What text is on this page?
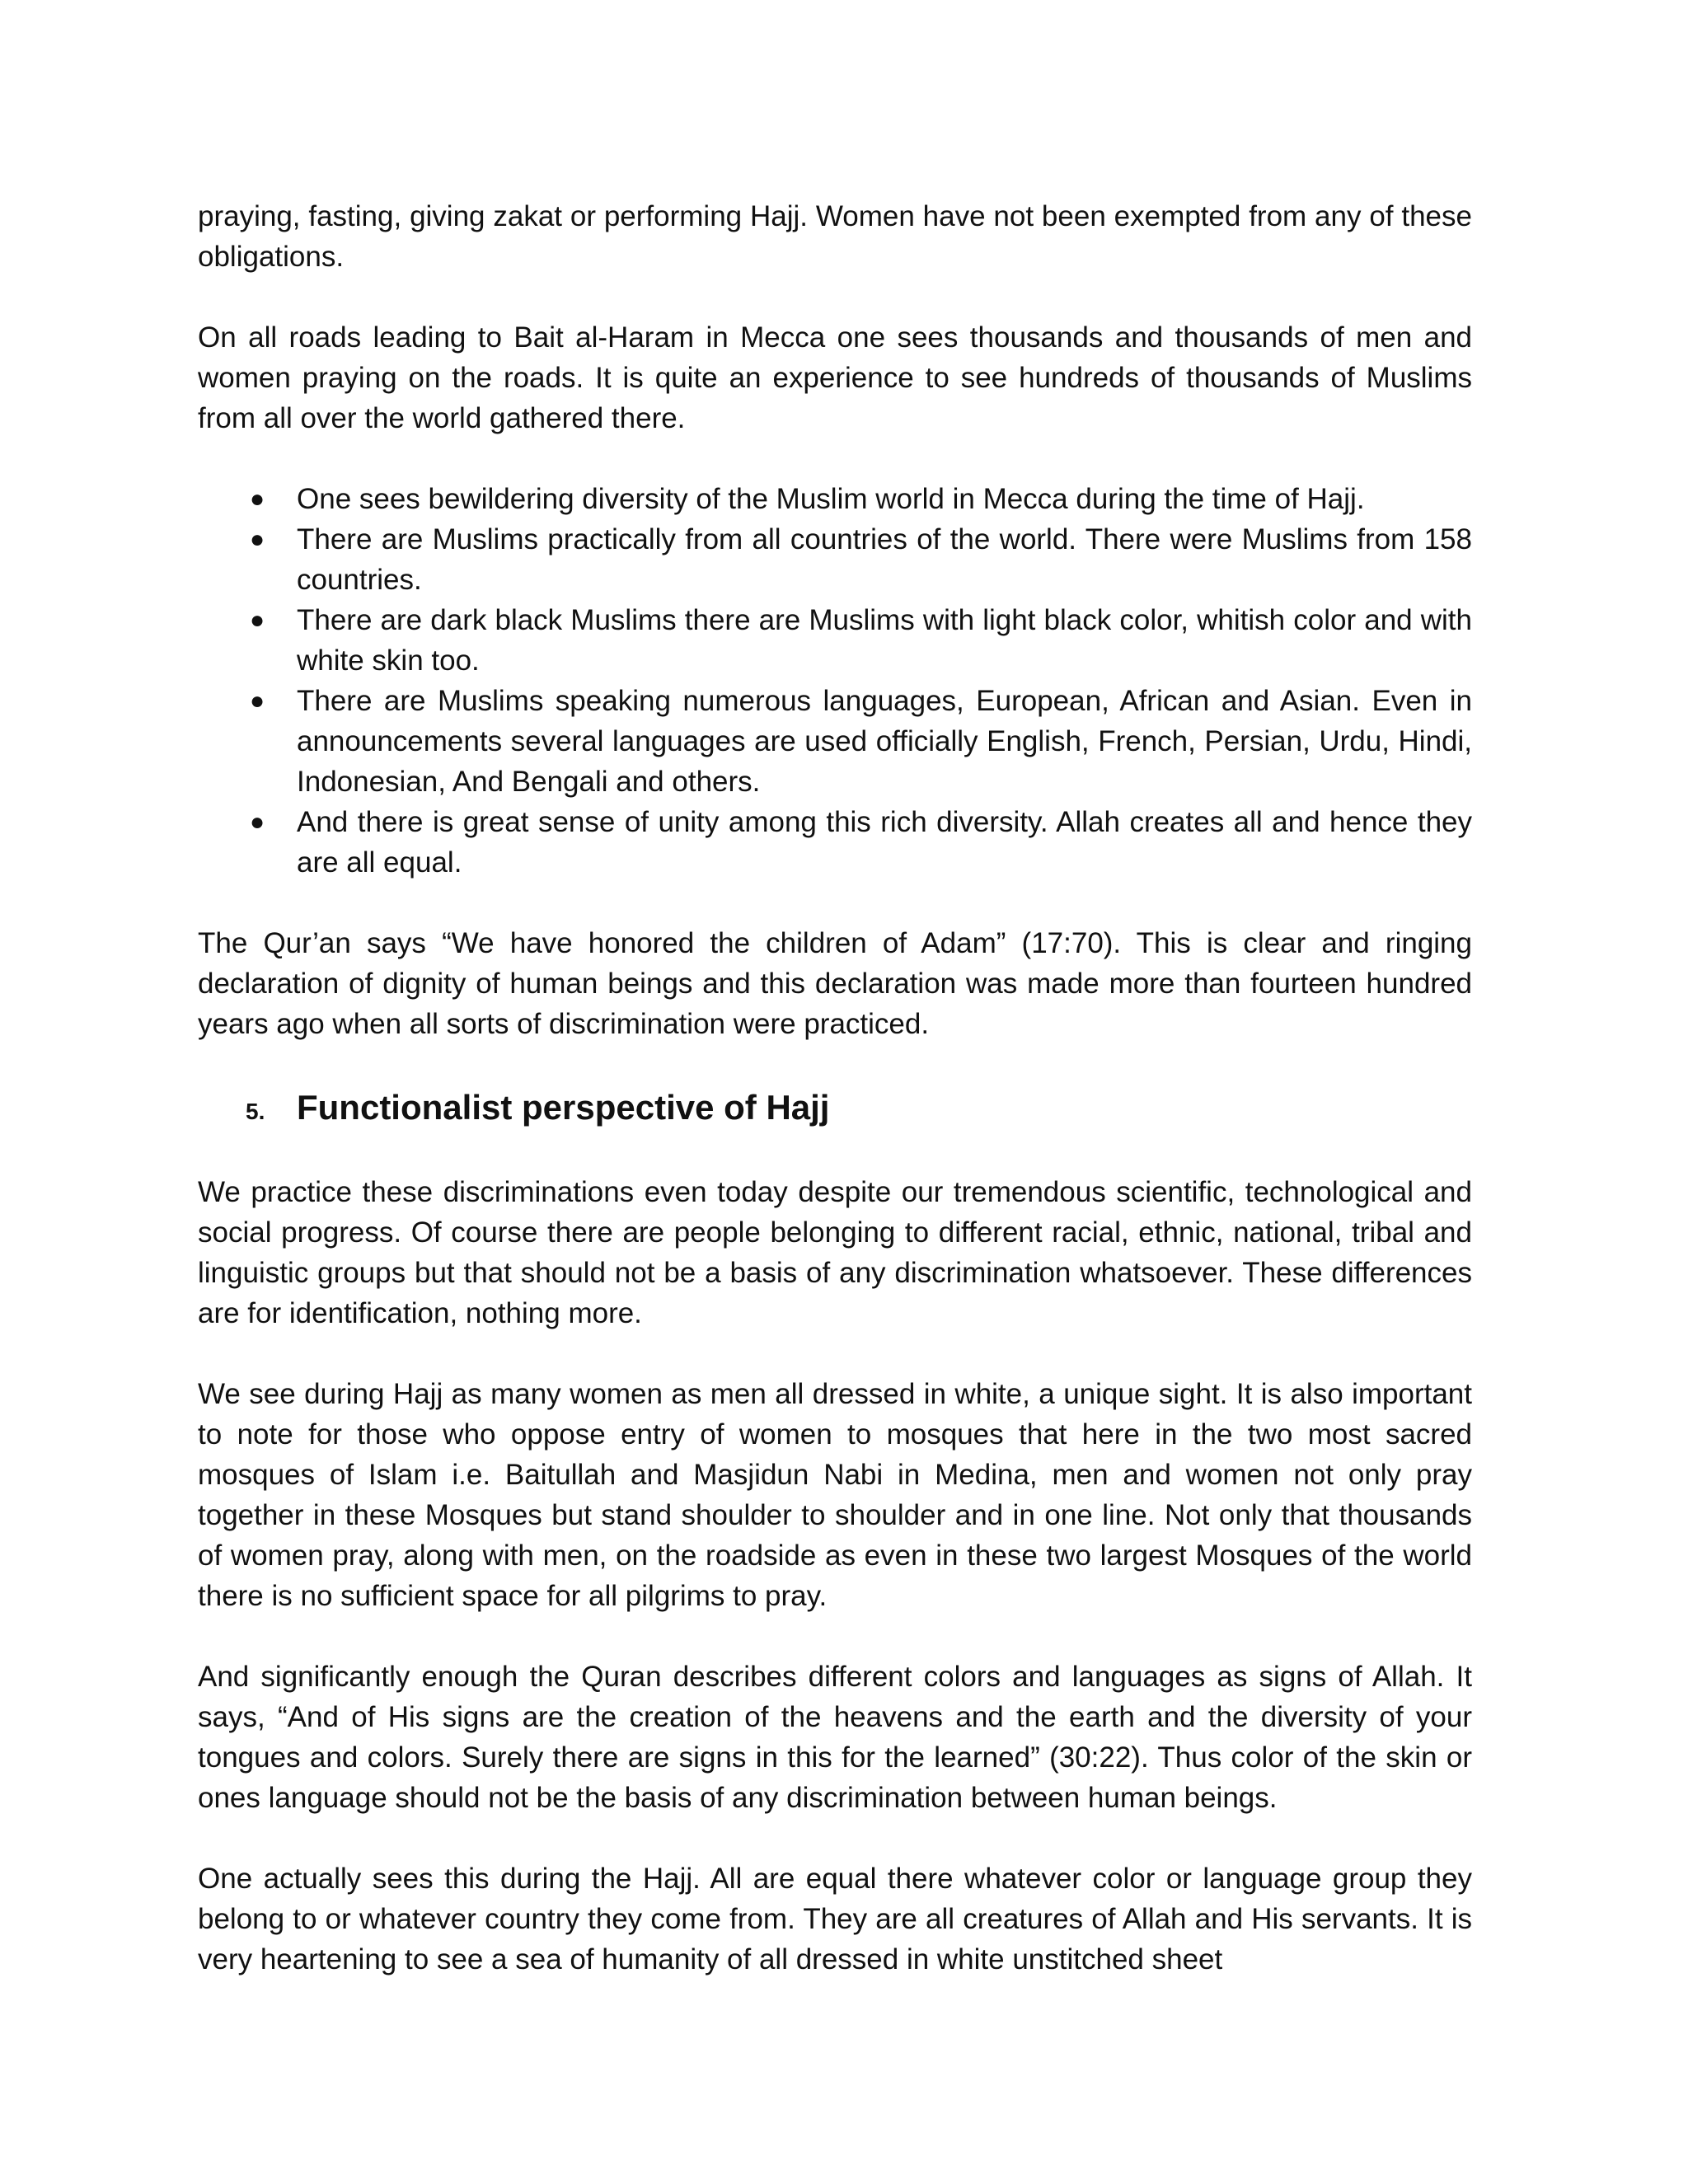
praying, fasting, giving zakat or performing Hajj. Women have not been exempted from any of these obligations.

On all roads leading to Bait al-Haram in Mecca one sees thousands and thousands of men and women praying on the roads. It is quite an experience to see hundreds of thousands of Muslims from all over the world gathered there.

● One sees bewildering diversity of the Muslim world in Mecca during the time of Hajj.
● There are Muslims practically from all countries of the world. There were Muslims from 158 countries.
● There are dark black Muslims there are Muslims with light black color, whitish color and with white skin too.
● There are Muslims speaking numerous languages, European, African and Asian. Even in announcements several languages are used officially English, French, Persian, Urdu, Hindi, Indonesian, And Bengali and others.
● And there is great sense of unity among this rich diversity. Allah creates all and hence they are all equal.

The Qur’an says “We have honored the children of Adam” (17:70). This is clear and ringing declaration of dignity of human beings and this declaration was made more than fourteen hundred years ago when all sorts of discrimination were practiced.

5. Functionalist perspective of Hajj

We practice these discriminations even today despite our tremendous scientific, technological and social progress. Of course there are people belonging to different racial, ethnic, national, tribal and linguistic groups but that should not be a basis of any discrimination whatsoever. These differences are for identification, nothing more.

We see during Hajj as many women as men all dressed in white, a unique sight. It is also important to note for those who oppose entry of women to mosques that here in the two most sacred mosques of Islam i.e. Baitullah and Masjidun Nabi in Medina, men and women not only pray together in these Mosques but stand shoulder to shoulder and in one line. Not only that thousands of women pray, along with men, on the roadside as even in these two largest Mosques of the world there is no sufficient space for all pilgrims to pray.

And significantly enough the Quran describes different colors and languages as signs of Allah. It says, “And of His signs are the creation of the heavens and the earth and the diversity of your tongues and colors. Surely there are signs in this for the learned” (30:22). Thus color of the skin or ones language should not be the basis of any discrimination between human beings.

One actually sees this during the Hajj. All are equal there whatever color or language group they belong to or whatever country they come from. They are all creatures of Allah and His servants. It is very heartening to see a sea of humanity of all dressed in white unstitched sheet
